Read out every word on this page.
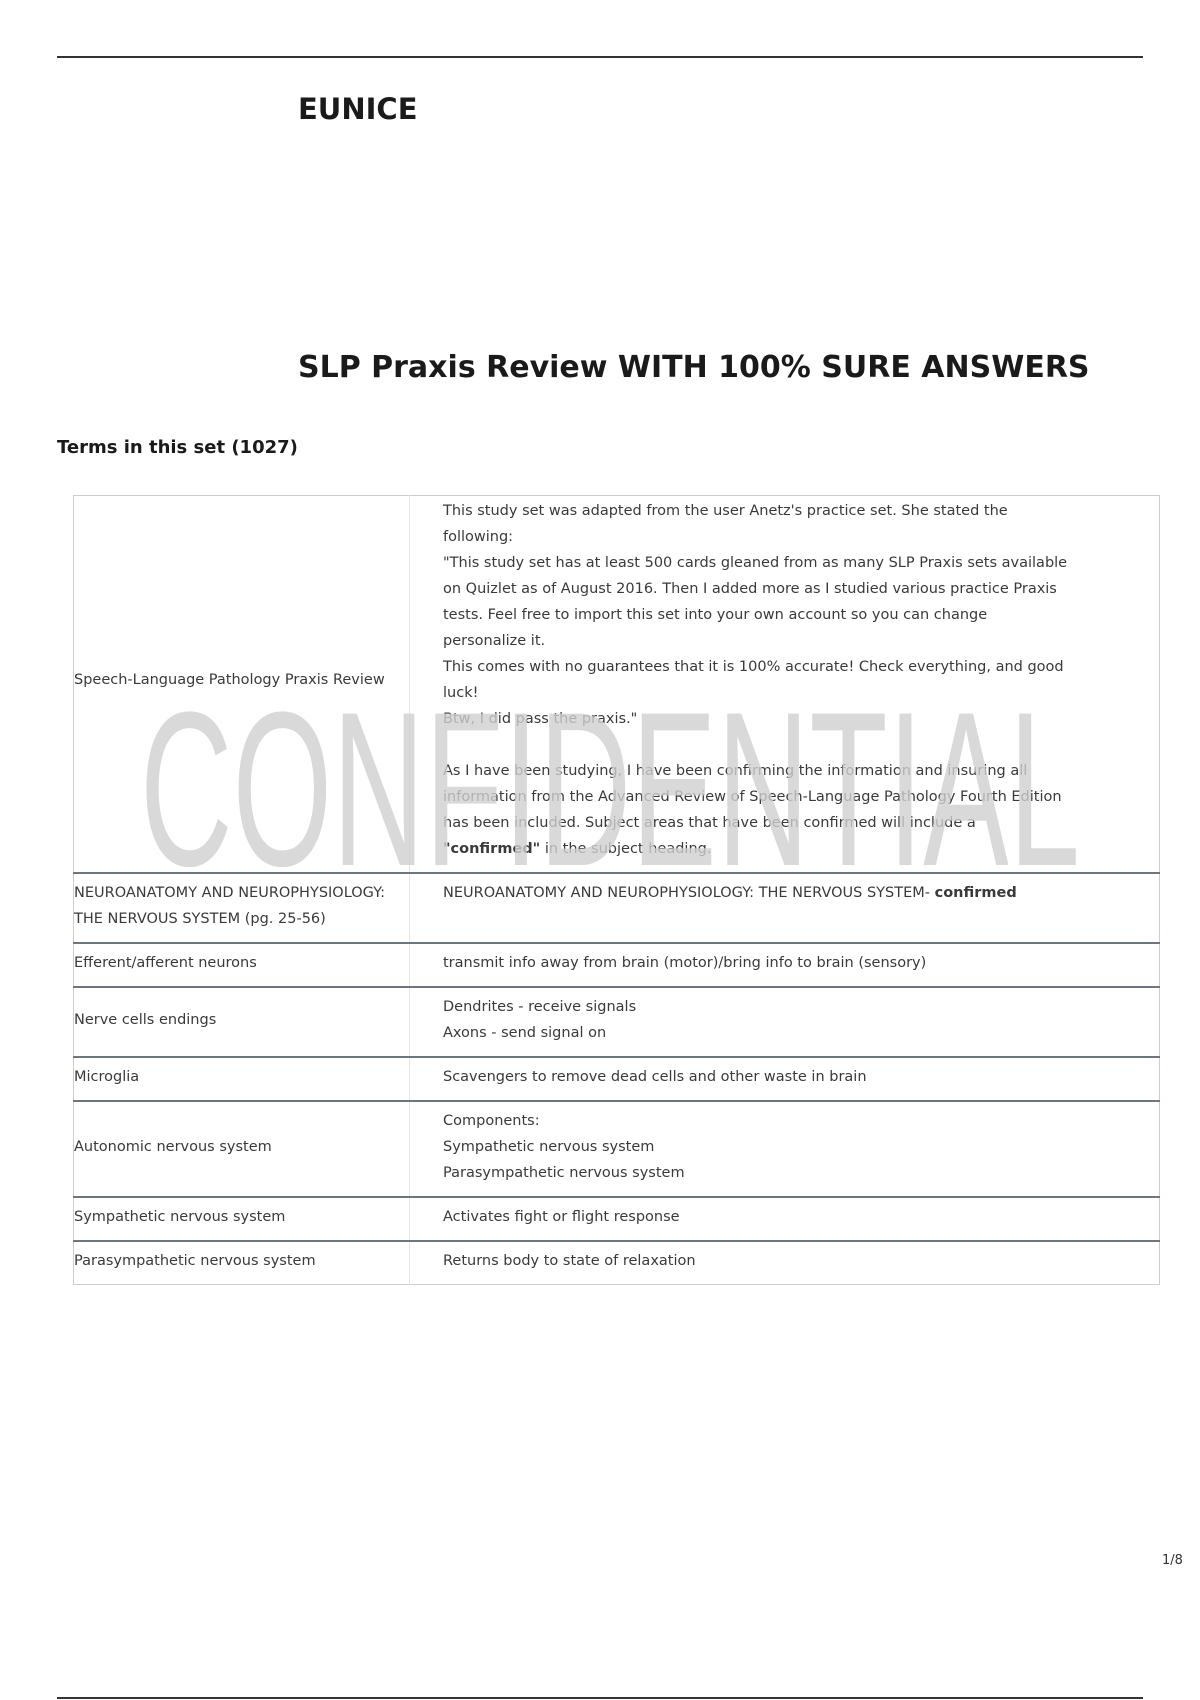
EUNICE
SLP Praxis Review WITH 100% SURE ANSWERS
Terms in this set (1027)
Speech-Language Pathology Praxis Review	This study set was adapted from the user Anetz's practice set. She stated the following:
"This study set has at least 500 cards gleaned from as many SLP Praxis sets available on Quizlet as of August 2016. Then I added more as I studied various practice Praxis tests. Feel free to import this set into your own account so you can change personalize it.
This comes with no guarantees that it is 100% accurate! Check everything, and good luck!
Btw, I did pass the praxis."
As I have been studying, I have been confirming the information and insuring all information from the Advanced Review of Speech-Language Pathology Fourth Edition has been included. Subject areas that have been confirmed will include a "confirmed" in the subject heading.

NEUROANATOMY AND NEUROPHYSIOLOGY: THE NERVOUS SYSTEM (pg. 25-56)	NEUROANATOMY AND NEUROPHYSIOLOGY: THE NERVOUS SYSTEM- confirmed
Efferent/afferent neurons	transmit info away from brain (motor)/bring info to brain (sensory)
Nerve cells endings	Dendrites - receive signals
Axons - send signal on

Microglia	Scavengers to remove dead cells and other waste in brain
Autonomic nervous system	Components:
Sympathetic nervous system
Parasympathetic nervous system

Sympathetic nervous system	Activates fight or flight response
Parasympathetic nervous system	Returns body to state of relaxation
CONFIDENTIAL
1/8
